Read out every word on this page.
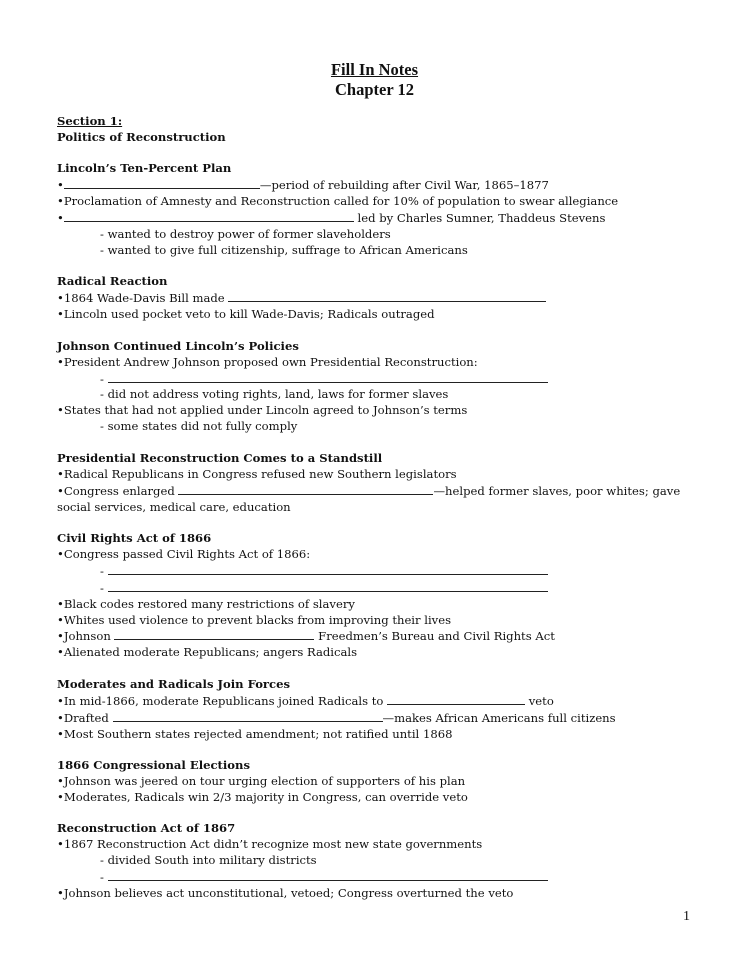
Fill In Notes
Chapter 12
Section 1:
Politics of Reconstruction
Lincoln’s Ten-Percent Plan
•	—period of rebuilding after Civil War, 1865–1877
•Proclamation of Amnesty and Reconstruction called for 10% of population to swear allegiance
•	led by Charles Sumner, Thaddeus Stevens
- wanted to destroy power of former slaveholders
- wanted to give full citizenship, suffrage to African Americans
Radical Reaction
•1864 Wade-Davis Bill made
•Lincoln used pocket veto to kill Wade-Davis; Radicals outraged
Johnson Continued Lincoln’s Policies
•President Andrew Johnson proposed own Presidential Reconstruction:
-
- did not address voting rights, land, laws for former slaves
•States that had not applied under Lincoln agreed to Johnson’s terms
- some states did not fully comply
Presidential Reconstruction Comes to a Standstill
•Radical Republicans in Congress refused new Southern legislators
•Congress enlarged	—helped former slaves, poor whites; gave social services, medical care, education
Civil Rights Act of 1866
•Congress passed Civil Rights Act of 1866:
-
-
•Black codes restored many restrictions of slavery
•Whites used violence to prevent blacks from improving their lives
•Johnson	Freedmen’s Bureau and Civil Rights Act
•Alienated moderate Republicans; angers Radicals
Moderates and Radicals Join Forces
•In mid-1866, moderate Republicans joined Radicals to	veto
•Drafted	—makes African Americans full citizens
•Most Southern states rejected amendment; not ratified until 1868
1866 Congressional Elections
•Johnson was jeered on tour urging election of supporters of his plan
•Moderates, Radicals win 2/3 majority in Congress, can override veto
Reconstruction Act of 1867
•1867 Reconstruction Act didn’t recognize most new state governments
- divided South into military districts
-
•Johnson believes act unconstitutional, vetoed; Congress overturned the veto
1
